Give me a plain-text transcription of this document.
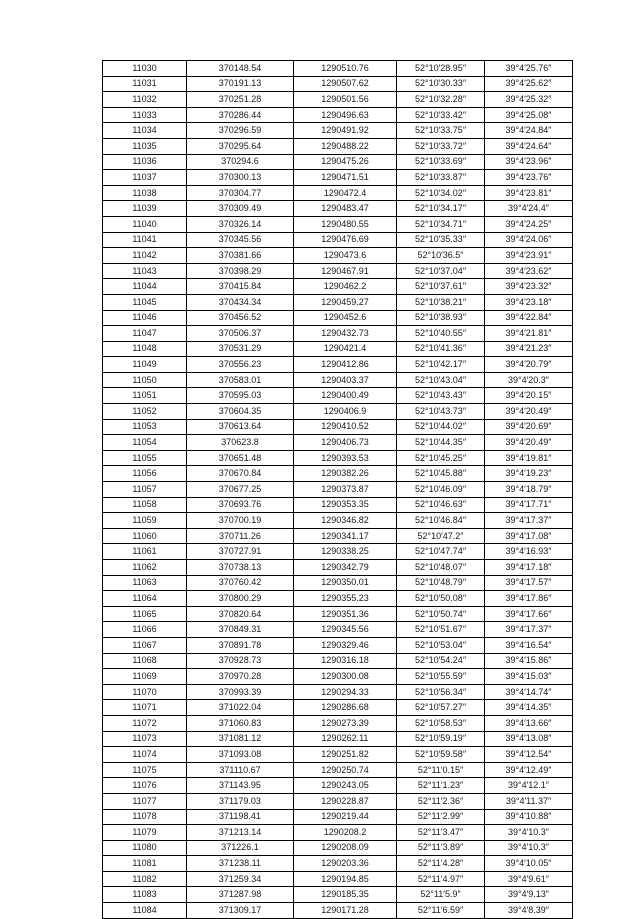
11030	370148.54	1290510.76	52°10′28.95″	39°4′25.76″
11031	370191.13	1290507.62	52°10′30.33″	39°4′25.62″
11032	370251.28	1290501.56	52°10′32.28″	39°4′25.32″
11033	370286.44	1290496.63	52°10′33.42″	39°4′25.08″
11034	370296.59	1290491.92	52°10′33.75″	39°4′24.84″
11035	370295.64	1290488.22	52°10′33.72″	39°4′24.64″
11036	370294.6	1290475.26	52°10′33.69″	39°4′23.96″
11037	370300.13	1290471.51	52°10′33.87″	39°4′23.76″
11038	370304.77	1290472.4	52°10′34.02″	39°4′23.81″
11039	370309.49	1290483.47	52°10′34.17″	39°4′24.4″
11040	370326.14	1290480.55	52°10′34.71″	39°4′24.25″
11041	370345.56	1290476.69	52°10′35.33″	39°4′24.06″
11042	370381.66	1290473.6	52°10′36.5″	39°4′23.91″
11043	370398.29	1290467.91	52°10′37.04″	39°4′23.62″
11044	370415.84	1290462.2	52°10′37.61″	39°4′23.32″
11045	370434.34	1290459.27	52°10′38.21″	39°4′23.18″
11046	370456.52	1290452.6	52°10′38.93″	39°4′22.84″
11047	370506.37	1290432.73	52°10′40.55″	39°4′21.81″
11048	370531.29	1290421.4	52°10′41.36″	39°4′21.23″
11049	370556.23	1290412.86	52°10′42.17″	39°4′20.79″
11050	370583.01	1290403.37	52°10′43.04″	39°4′20.3″
11051	370595.03	1290400.49	52°10′43.43″	39°4′20.15″
11052	370604.35	1290406.9	52°10′43.73″	39°4′20.49″
11053	370613.64	1290410.52	52°10′44.02″	39°4′20.69″
11054	370623.8	1290406.73	52°10′44.35″	39°4′20.49″
11055	370651.48	1290393.53	52°10′45.25″	39°4′19.81″
11056	370670.84	1290382.26	52°10′45.88″	39°4′19.23″
11057	370677.25	1290373.87	52°10′46.09″	39°4′18.79″
11058	370693.76	1290353.35	52°10′46.63″	39°4′17.71″
11059	370700.19	1290346.82	52°10′46.84″	39°4′17.37″
11060	370711.26	1290341.17	52°10′47.2″	39°4′17.08″
11061	370727.91	1290338.25	52°10′47.74″	39°4′16.93″
11062	370738.13	1290342.79	52°10′48.07″	39°4′17.18″
11063	370760.42	1290350.01	52°10′48.79″	39°4′17.57″
11064	370800.29	1290355.23	52°10′50.08″	39°4′17.86″
11065	370820.64	1290351.36	52°10′50.74″	39°4′17.66″
11066	370849.31	1290345.56	52°10′51.67″	39°4′17.37″
11067	370891.78	1290329.46	52°10′53.04″	39°4′16.54″
11068	370928.73	1290316.18	52°10′54.24″	39°4′15.86″
11069	370970.28	1290300.08	52°10′55.59″	39°4′15.03″
11070	370993.39	1290294.33	52°10′56.34″	39°4′14.74″
11071	371022.04	1290286.68	52°10′57.27″	39°4′14.35″
11072	371060.83	1290273.39	52°10′58.53″	39°4′13.66″
11073	371081.12	1290262.11	52°10′59.19″	39°4′13.08″
11074	371093.08	1290251.82	52°10′59.58″	39°4′12.54″
11075	371110.67	1290250.74	52°11′0.15″	39°4′12.49″
11076	371143.95	1290243.05	52°11′1.23″	39°4′12.1″
11077	371179.03	1290228.87	52°11′2.36″	39°4′11.37″
11078	371198.41	1290219.44	52°11′2.99″	39°4′10.88″
11079	371213.14	1290208.2	52°11′3.47″	39°4′10.3″
11080	371226.1	1290208.09	52°11′3.89″	39°4′10.3″
11081	371238.11	1290203.36	52°11′4.28″	39°4′10.05″
11082	371259.34	1290194.85	52°11′4.97″	39°4′9.61″
11083	371287.98	1290185.35	52°11′5.9″	39°4′9.13″
11084	371309.17	1290171.28	52°11′6.59″	39°4′8.39″
